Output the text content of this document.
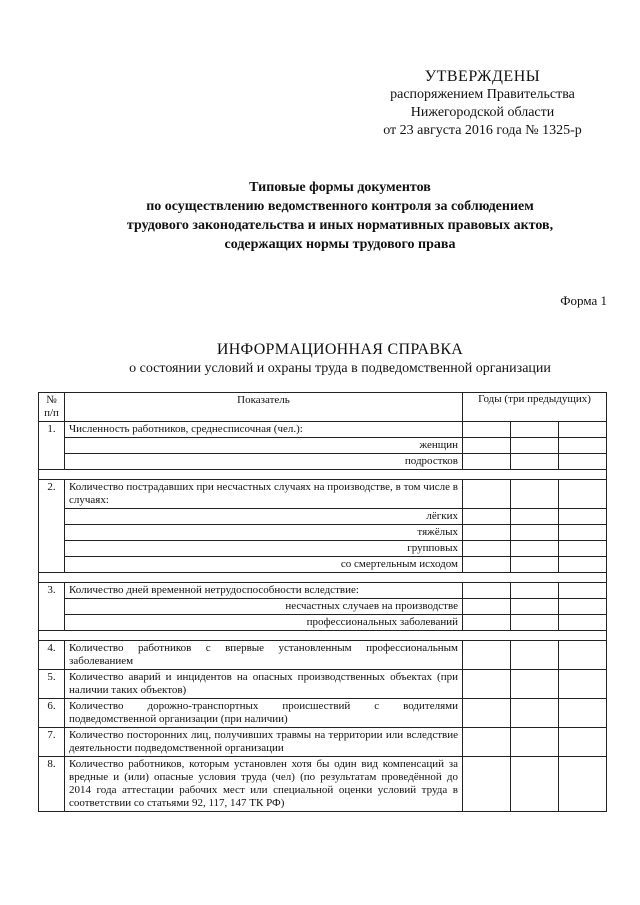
УТВЕРЖДЕНЫ
распоряжением Правительства
Нижегородской области
от 23 августа 2016 года № 1325-р
Типовые формы документов
по осуществлению ведомственного контроля за соблюдением
трудового законодательства и иных нормативных правовых актов,
содержащих нормы трудового права
Форма 1
ИНФОРМАЦИОННАЯ СПРАВКА
о состоянии условий и охраны труда в подведомственной организации
№
п/п	Показатель	Годы (три предыдущих)		
1.	Численность работников, среднесписочная (чел.):			
	женщин			
	подростков			

2.	Количество пострадавших при несчастных случаях на производстве, в том числе в случаях:			
	лёгких			
	тяжёлых			
	групповых			
	со смертельным исходом			

3.	Количество дней временной нетрудоспособности вследствие:			
	несчастных случаев на производстве			
	профессиональных заболеваний			

4.	Количество работников с впервые установленным профессиональным заболеванием			
5.	Количество аварий и инцидентов на опасных производственных объектах (при наличии таких объектов)			
6.	Количество дорожно-транспортных происшествий с водителями подведомственной организации (при наличии)			
7.	Количество посторонних лиц, получивших травмы на территории или вследствие деятельности подведомственной организации			
8.	Количество работников, которым установлен хотя бы один вид компенсаций за вредные и (или) опасные условия труда (чел) (по результатам проведённой до 2014 года аттестации рабочих мест или специальной оценки условий труда в соответствии со статьями 92, 117, 147 ТК РФ)			
